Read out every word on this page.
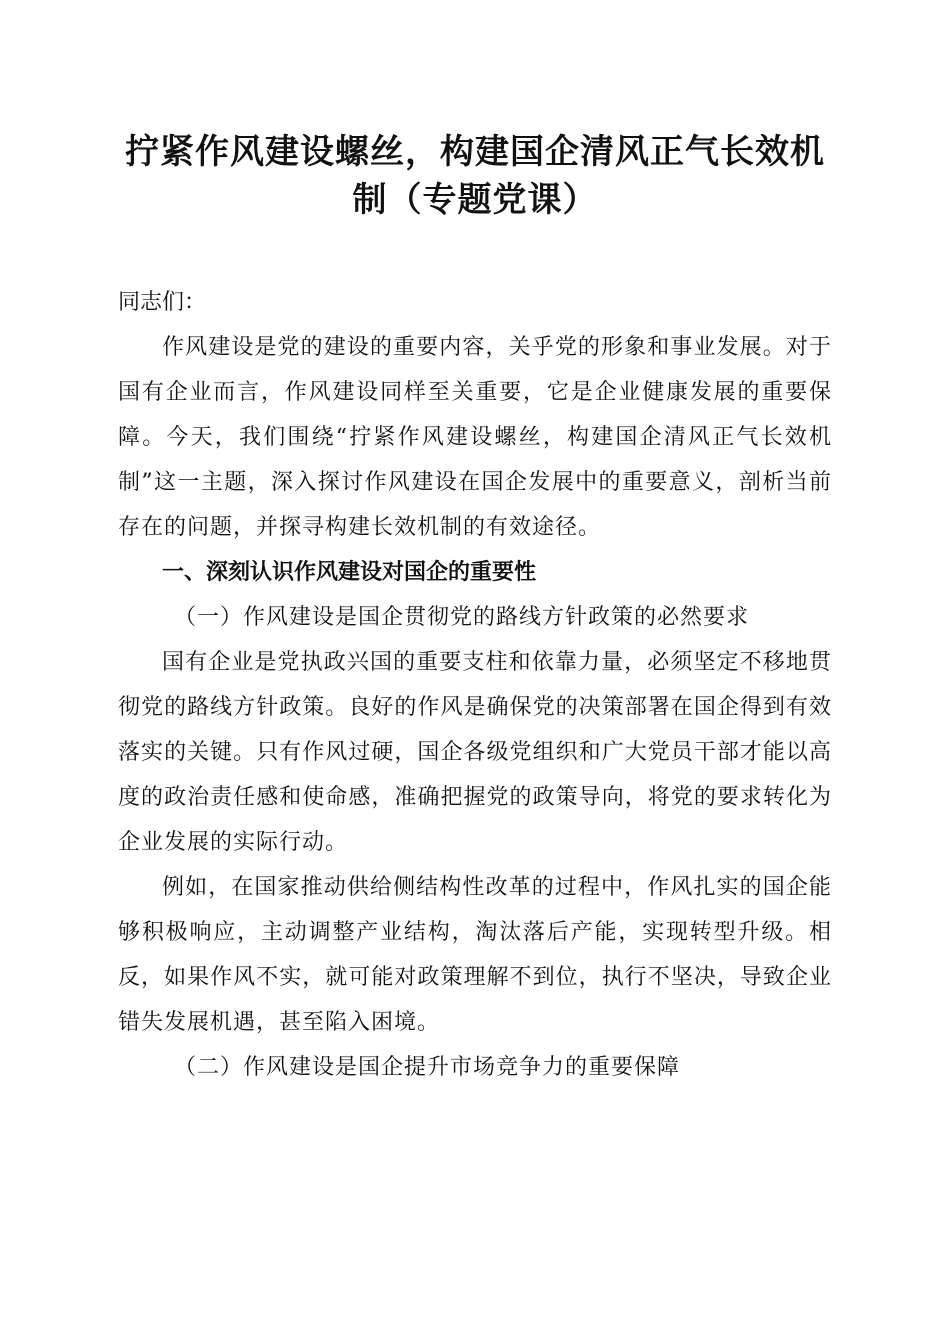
拧紧作风建设螺丝，构建国企清风正气长效机制（专题党课）

同志们：

作风建设是党的建设的重要内容，关乎党的形象和事业发展。对于国有企业而言，作风建设同样至关重要，它是企业健康发展的重要保障。今天，我们围绕“拧紧作风建设螺丝，构建国企清风正气长效机制”这一主题，深入探讨作风建设在国企发展中的重要意义，剖析当前存在的问题，并探寻构建长效机制的有效途径。

一、深刻认识作风建设对国企的重要性

（一）作风建设是国企贯彻党的路线方针政策的必然要求

国有企业是党执政兴国的重要支柱和依靠力量，必须坚定不移地贯彻党的路线方针政策。良好的作风是确保党的决策部署在国企得到有效落实的关键。只有作风过硬，国企各级党组织和广大党员干部才能以高度的政治责任感和使命感，准确把握党的政策导向，将党的要求转化为企业发展的实际行动。

例如，在国家推动供给侧结构性改革的过程中，作风扎实的国企能够积极响应，主动调整产业结构，淘汰落后产能，实现转型升级。相反，如果作风不实，就可能对政策理解不到位，执行不坚决，导致企业错失发展机遇，甚至陷入困境。

（二）作风建设是国企提升市场竞争力的重要保障
